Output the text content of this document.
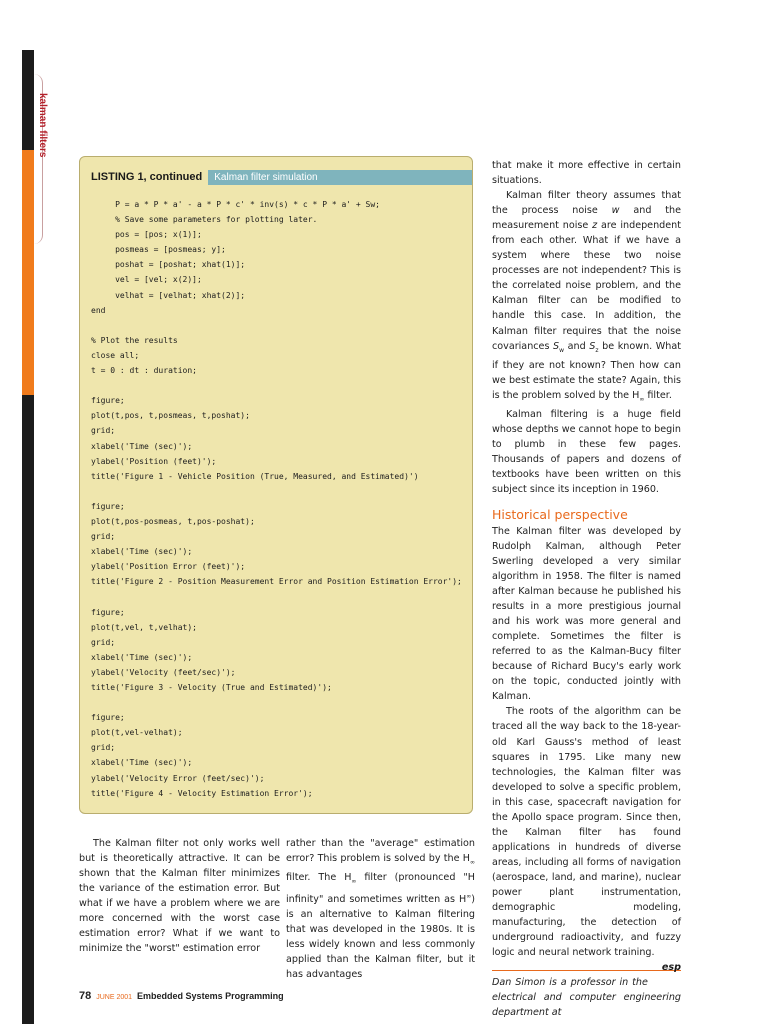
kalman filters
LISTING 1, continued	Kalman filter simulation
P = a * P * a' - a * P * c' * inv(s) * c * P * a' + Sw;
% Save some parameters for plotting later.
pos = [pos; x(1)];
posmeas = [posmeas; y];
poshat = [poshat; xhat(1)];
vel = [vel; x(2)];
velhat = [velhat; xhat(2)];
end

% Plot the results
close all;
t = 0 : dt : duration;

figure;
plot(t,pos, t,posmeas, t,poshat);
grid;
xlabel('Time (sec)');
ylabel('Position (feet)');
title('Figure 1 - Vehicle Position (True, Measured, and Estimated)')

figure;
plot(t,pos-posmeas, t,pos-poshat);
grid;
xlabel('Time (sec)');
ylabel('Position Error (feet)');
title('Figure 2 - Position Measurement Error and Position Estimation Error');

figure;
plot(t,vel, t,velhat);
grid;
xlabel('Time (sec)');
ylabel('Velocity (feet/sec)');
title('Figure 3 - Velocity (True and Estimated)');

figure;
plot(t,vel-velhat);
grid;
xlabel('Time (sec)');
ylabel('Velocity Error (feet/sec)');
title('Figure 4 - Velocity Estimation Error');

The Kalman filter not only works well but is theoretically attractive. It can be shown that the Kalman filter minimizes the variance of the estimation error. But what if we have a problem where we are more concerned with the worst case estimation error? What if we want to minimize the "worst" estimation error

rather than the "average" estimation error? This problem is solved by the $H_\infty$ filter. The $H_\infty$ filter (pronounced "H infinity" and sometimes written as H∞) is an alternative to Kalman filtering that was developed in the 1980s. It is less widely known and less commonly applied than the Kalman filter, but it has advantages

that make it more effective in certain situations.

Kalman filter theory assumes that the process noise w and the measurement noise z are independent from each other. What if we have a system where these two noise processes are not independent? This is the correlated noise problem, and the Kalman filter can be modified to handle this case. In addition, the Kalman filter requires that the noise covariances $S_w$ and $S_z$ be known. What if they are not known? Then how can we best estimate the state? Again, this is the problem solved by the $H_\infty$ filter.

Kalman filtering is a huge field whose depths we cannot hope to begin to plumb in these few pages. Thousands of papers and dozens of textbooks have been written on this subject since its inception in 1960.

Historical perspective

The Kalman filter was developed by Rudolph Kalman, although Peter Swerling developed a very similar algorithm in 1958. The filter is named after Kalman because he published his results in a more prestigious journal and his work was more general and complete. Sometimes the filter is referred to as the Kalman-Bucy filter because of Richard Bucy's early work on the topic, conducted jointly with Kalman.

The roots of the algorithm can be traced all the way back to the 18-year-old Karl Gauss's method of least squares in 1795. Like many new technologies, the Kalman filter was developed to solve a specific problem, in this case, spacecraft navigation for the Apollo space program. Since then, the Kalman filter has found applications in hundreds of diverse areas, including all forms of navigation (aerospace, land, and marine), nuclear power plant instrumentation, demographic modeling, manufacturing, the detection of underground radioactivity, and fuzzy logic and neural network training.
esp

Dan Simon is a professor in the electrical and computer engineering department at

78 JUNE 2001 Embedded Systems Programming
